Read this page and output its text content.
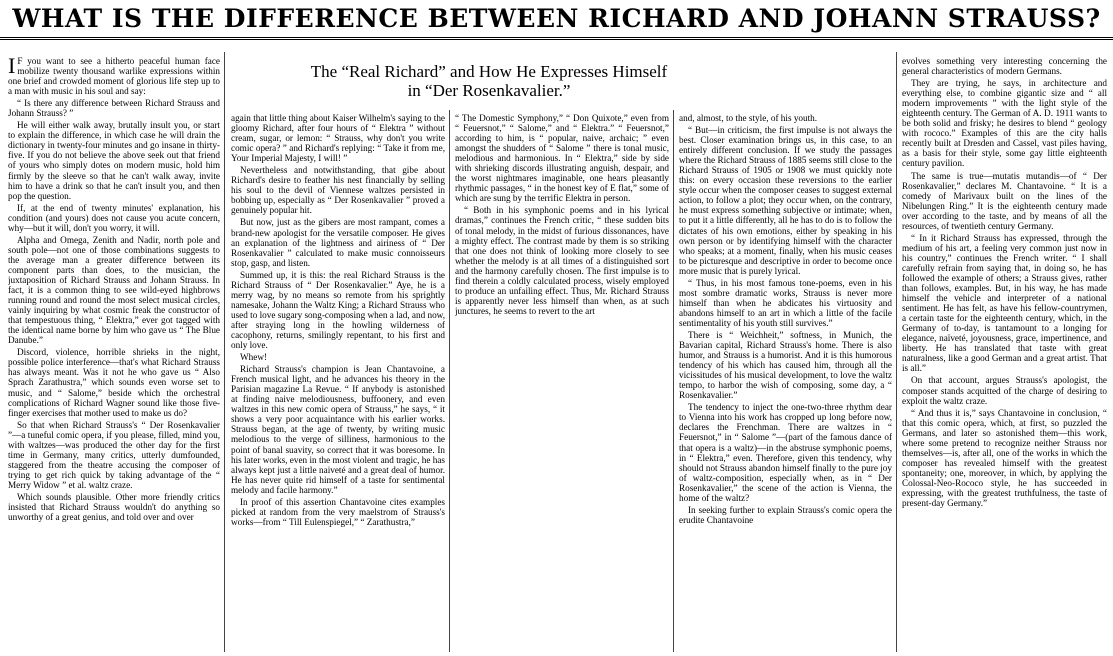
WHAT IS THE DIFFERENCE BETWEEN RICHARD AND JOHANN STRAUSS?
The “Real Richard” and How He Expresses Himself
in “Der Rosenkavalier.”

I F you want to see a hitherto peaceful human face mobilize twenty thousand warlike expressions within one brief and crowded moment of glorious life step up to a man with music in his soul and say:

“ Is there any difference between Richard Strauss and Johann Strauss? ”

He will either walk away, brutally insult you, or start to explain the difference, in which case he will drain the dictionary in twenty-four minutes and go insane in thirty-five. If you do not believe the above seek out that friend of yours who simply dotes on modern music, hold him firmly by the sleeve so that he can't walk away, invite him to have a drink so that he can't insult you, and then pop the question.

If, at the end of twenty minutes' explanation, his condition (and yours) does not cause you acute concern, why—but it will, don't you worry, it will.

Alpha and Omega, Zenith and Nadir, north pole and south pole—not one of those combinations suggests to the average man a greater difference between its component parts than does, to the musician, the juxtaposition of Richard Strauss and Johann Strauss. In fact, it is a common thing to see wild-eyed highbrows running round and round the most select musical circles, vainly inquiring by what cosmic freak the constructor of that tempestuous thing, “ Elektra,” ever got tagged with the identical name borne by him who gave us “ The Blue Danube.”

Discord, violence, horrible shrieks in the night, possible police interference—that's what Richard Strauss has always meant. Was it not he who gave us “ Also Sprach Zarathustra,” which sounds even worse set to music, and “ Salome,” beside which the orchestral complications of Richard Wagner sound like those five-finger exercises that mother used to make us do?

So that when Richard Strauss's “ Der Rosenkavalier ”—a tuneful comic opera, if you please, filled, mind you, with waltzes—was produced the other day for the first time in Germany, many critics, utterly dumfounded, staggered from the theatre accusing the composer of trying to get rich quick by taking advantage of the “ Merry Widow ” et al. waltz craze.

Which sounds plausible. Other more friendly critics insisted that Richard Strauss wouldn't do anything so unworthy of a great genius, and told over and over

again that little thing about Kaiser Wilhelm's saying to the gloomy Richard, after four hours of “ Elektra ” without cream, sugar, or lemon: “ Strauss, why don't you write comic opera? ” and Richard's replying: “ Take it from me, Your Imperial Majesty, I will! ”

Nevertheless and notwithstanding, that gibe about Richard's desire to feather his nest financially by selling his soul to the devil of Viennese waltzes persisted in bobbing up, especially as “ Der Rosenkavalier ” proved a genuinely popular hit.

But now, just as the gibers are most rampant, comes a brand-new apologist for the versatile composer. He gives an explanation of the lightness and airiness of “ Der Rosenkavalier ” calculated to make music connoisseurs stop, gasp, and listen.

Summed up, it is this: the real Richard Strauss is the Richard Strauss of “ Der Rosenkavalier.” Aye, he is a merry wag, by no means so remote from his sprightly namesake, Johann the Waltz King; a Richard Strauss who used to love sugary song-composing when a lad, and now, after straying long in the howling wilderness of cacophony, returns, smilingly repentant, to his first and only love.

Whew!

Richard Strauss's champion is Jean Chantavoine, a French musical light, and he advances his theory in the Parisian magazine La Revue. “ If anybody is astonished at finding naive melodiousness, buffoonery, and even waltzes in this new comic opera of Strauss,” he says, “ it shows a very poor acquaintance with his earlier works. Strauss began, at the age of twenty, by writing music melodious to the verge of silliness, harmonious to the point of banal suavity, so correct that it was boresome. In his later works, even in the most violent and tragic, he has always kept just a little naiveté and a great deal of humor. He has never quite rid himself of a taste for sentimental melody and facile harmony.”

In proof of this assertion Chantavoine cites examples picked at random from the very maelstrom of Strauss's works—from “ Till Eulenspiegel,” “ Zarathustra,”

“ The Domestic Symphony,” “ Don Quixote,” even from “ Feuersnot,” “ Salome,” and “ Elektra.” “ Feuersnot,” according to him, is “ popular, naive, archaic; ” even amongst the shudders of “ Salome ” there is tonal music, melodious and harmonious. In “ Elektra,” side by side with shrieking discords illustrating anguish, despair, and the worst nightmares imaginable, one hears pleasantly rhythmic passages, “ in the honest key of E flat,” some of which are sung by the terrific Elektra in person.

“ Both in his symphonic poems and in his lyrical dramas,” continues the French critic, “ these sudden bits of tonal melody, in the midst of furious dissonances, have a mighty effect. The contrast made by them is so striking that one does not think of looking more closely to see whether the melody is at all times of a distinguished sort and the harmony carefully chosen. The first impulse is to find therein a coldly calculated process, wisely employed to produce an unfailing effect. Thus, Mr. Richard Strauss is apparently never less himself than when, as at such junctures, he seems to revert to the art

and, almost, to the style, of his youth.

“ But—in criticism, the first impulse is not always the best. Closer examination brings us, in this case, to an entirely different conclusion. If we study the passages where the Richard Strauss of 1885 seems still close to the Richard Strauss of 1905 or 1908 we must quickly note this: on every occasion these reversions to the earlier style occur when the composer ceases to suggest external action, to follow a plot; they occur when, on the contrary, he must express something subjective or intimate; when, to put it a little differently, all he has to do is to follow the dictates of his own emotions, either by speaking in his own person or by identifying himself with the character who speaks; at a moment, finally, when his music ceases to be picturesque and descriptive in order to become once more music that is purely lyrical.

“ Thus, in his most famous tone-poems, even in his most sombre dramatic works, Strauss is never more himself than when he abdicates his virtuosity and abandons himself to an art in which a little of the facile sentimentality of his youth still survives.”

There is “ Weichheit,” softness, in Munich, the Bavarian capital, Richard Strauss's home. There is also humor, and Strauss is a humorist. And it is this humorous tendency of his which has caused him, through all the vicissitudes of his musical development, to love the waltz tempo, to harbor the wish of composing, some day, a “ Rosenkavalier.”

The tendency to inject the one-two-three rhythm dear to Vienna into his work has cropped up long before now, declares the Frenchman. There are waltzes in “ Feuersnot,” in “ Salome ”—(part of the famous dance of that opera is a waltz)—in the abstruse symphonic poems, in “ Elektra,” even. Therefore, given this tendency, why should not Strauss abandon himself finally to the pure joy of waltz-composition, especially when, as in “ Der Rosenkavalier,” the scene of the action is Vienna, the home of the waltz?

In seeking further to explain Strauss's comic opera the erudite Chantavoine

evolves something very interesting concerning the general characteristics of modern Germans.

They are trying, he says, in architecture and everything else, to combine gigantic size and “ all modern improvements ” with the light style of the eighteenth century. The German of A. D. 1911 wants to be both solid and frisky; he desires to blend “ geology with rococo.” Examples of this are the city halls recently built at Dresden and Cassel, vast piles having, as a basis for their style, some gay little eighteenth century pavilion.

The same is true—mutatis mutandis—of “ Der Rosenkavalier,” declares M. Chantavoine. “ It is a comedy of Marivaux built on the lines of the Nibelungen Ring.” It is the eighteenth century made over according to the taste, and by means of all the resources, of twentieth century Germany.

“ In it Richard Strauss has expressed, through the medium of his art, a feeling very common just now in his country,” continues the French writer. “ I shall carefully refrain from saying that, in doing so, he has followed the example of others; a Strauss gives, rather than follows, examples. But, in his way, he has made himself the vehicle and interpreter of a national sentiment. He has felt, as have his fellow-countrymen, a certain taste for the eighteenth century, which, in the Germany of to-day, is tantamount to a longing for elegance, naïveté, joyousness, grace, impertinence, and liberty. He has translated that taste with great naturalness, like a good German and a great artist. That is all.”

On that account, argues Strauss's apologist, the composer stands acquitted of the charge of desiring to exploit the waltz craze.

“ And thus it is,” says Chantavoine in conclusion, “ that this comic opera, which, at first, so puzzled the Germans, and later so astonished them—this work, where some pretend to recognize neither Strauss nor themselves—is, after all, one of the works in which the composer has revealed himself with the greatest spontaneity; one, moreover, in which, by applying the Colossal-Neo-Rococo style, he has succeeded in expressing, with the greatest truthfulness, the taste of present-day Germany.”
